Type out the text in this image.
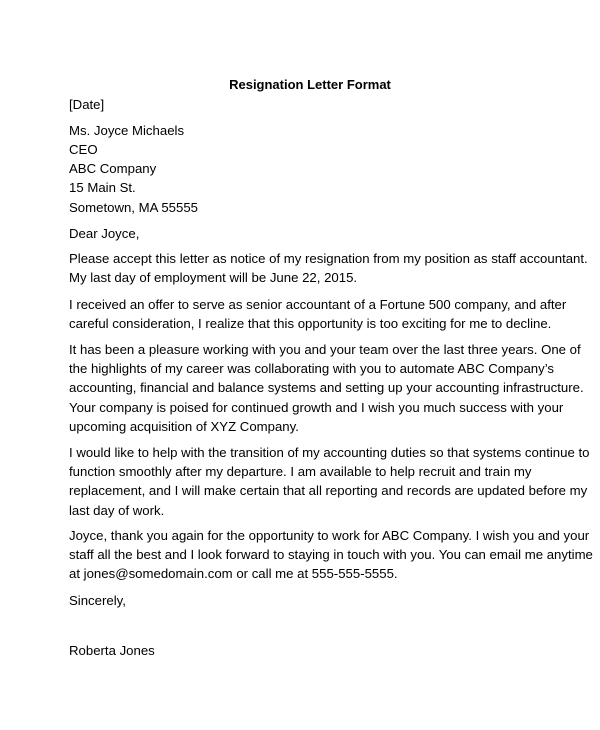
Resignation Letter Format
[Date]
Ms. Joyce Michaels
CEO
ABC Company
15 Main St.
Sometown, MA 55555
Dear Joyce,
Please accept this letter as notice of my resignation from my position as staff accountant.
My last day of employment will be June 22, 2015.
I received an offer to serve as senior accountant of a Fortune 500 company, and after
careful consideration, I realize that this opportunity is too exciting for me to decline.
It has been a pleasure working with you and your team over the last three years. One of
the highlights of my career was collaborating with you to automate ABC Company’s
accounting, financial and balance systems and setting up your accounting infrastructure.
Your company is poised for continued growth and I wish you much success with your
upcoming acquisition of XYZ Company.
I would like to help with the transition of my accounting duties so that systems continue to
function smoothly after my departure. I am available to help recruit and train my
replacement, and I will make certain that all reporting and records are updated before my
last day of work.
Joyce, thank you again for the opportunity to work for ABC Company. I wish you and your
staff all the best and I look forward to staying in touch with you. You can email me anytime
at jones@somedomain.com or call me at 555-555-5555.
Sincerely,
Roberta Jones
